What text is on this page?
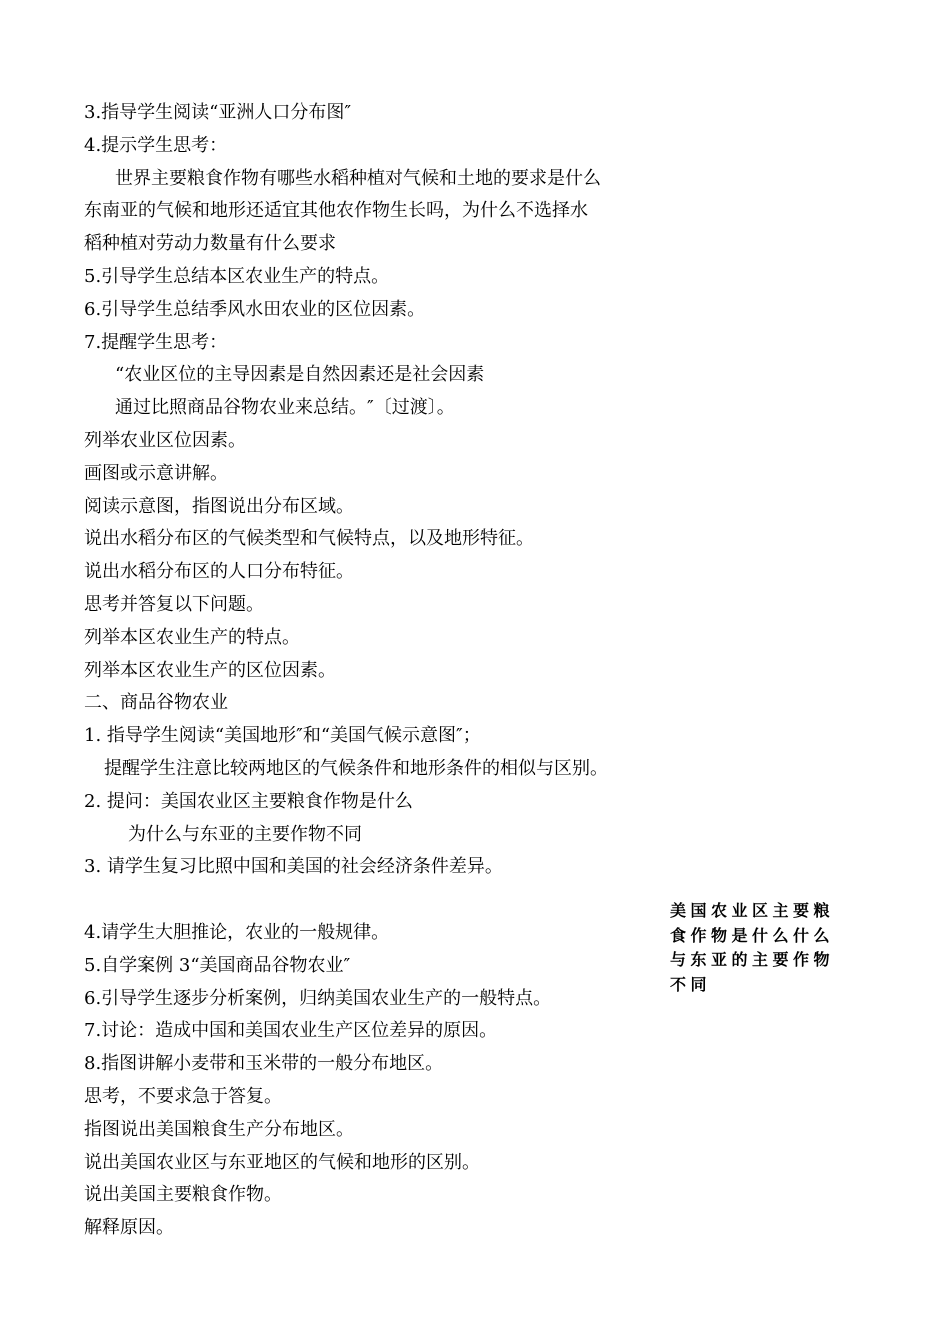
3.指导学生阅读“亚洲人口分布图″
4.提示学生思考：
世界主要粮食作物有哪些水稻种植对气候和土地的要求是什么
东南亚的气候和地形还适宜其他农作物生长吗，为什么不选择水
稻种植对劳动力数量有什么要求
5.引导学生总结本区农业生产的特点。
6.引导学生总结季风水田农业的区位因素。
7.提醒学生思考：
“农业区位的主导因素是自然因素还是社会因素
通过比照商品谷物农业来总结。″〔过渡〕。
列举农业区位因素。
画图或示意讲解。
阅读示意图，指图说出分布区域。
说出水稻分布区的气候类型和气候特点，以及地形特征。
说出水稻分布区的人口分布特征。
思考并答复以下问题。
列举本区农业生产的特点。
列举本区农业生产的区位因素。
二、商品谷物农业
1. 指导学生阅读“美国地形″和“美国气候示意图″；
提醒学生注意比较两地区的气候条件和地形条件的相似与区别。
2. 提问：美国农业区主要粮食作物是什么
为什么与东亚的主要作物不同
3. 请学生复习比照中国和美国的社会经济条件差异。
4.请学生大胆推论，农业的一般规律。
5.自学案例 3“美国商品谷物农业″
6.引导学生逐步分析案例，归纳美国农业生产的一般特点。
7.讨论：造成中国和美国农业生产区位差异的原因。
8.指图讲解小麦带和玉米带的一般分布地区。
思考，不要求急于答复。
指图说出美国粮食生产分布地区。
说出美国农业区与东亚地区的气候和地形的区别。
说出美国主要粮食作物。
解释原因。
美国农业区主要粮
食作物是什么什么
与东亚的主要作物
不同
